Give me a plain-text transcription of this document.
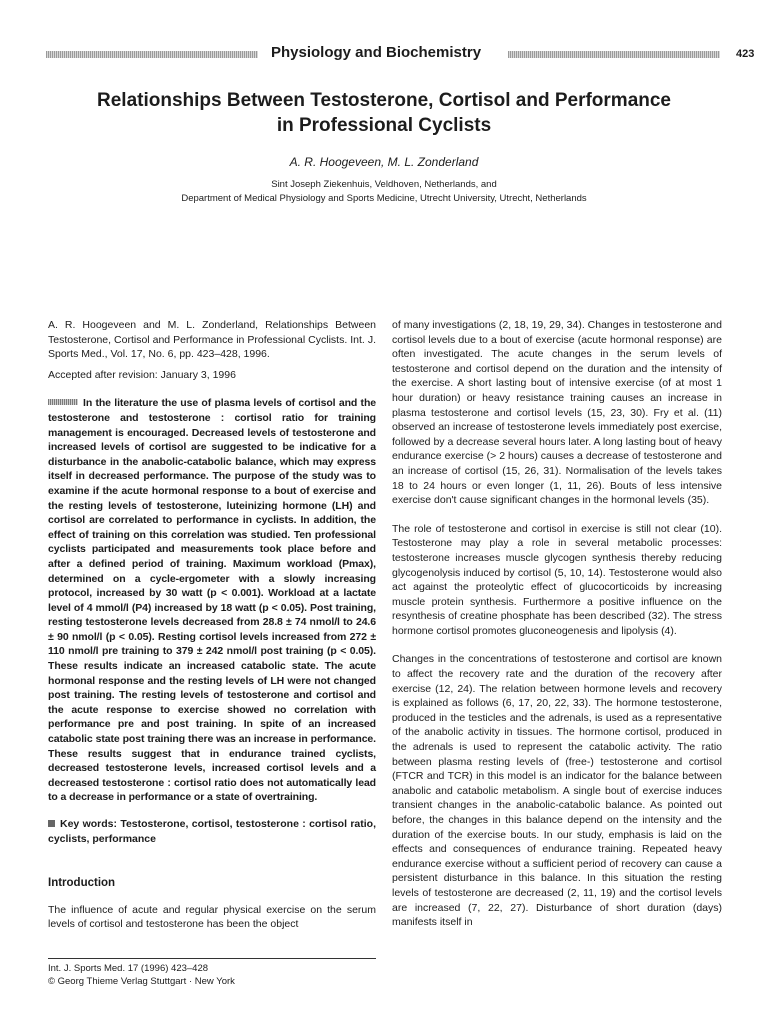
Physiology and Biochemistry	423
Relationships Between Testosterone, Cortisol and Performance
in Professional Cyclists
A. R. Hoogeveen, M. L. Zonderland
Sint Joseph Ziekenhuis, Veldhoven, Netherlands, and
Department of Medical Physiology and Sports Medicine, Utrecht University, Utrecht, Netherlands

A. R. Hoogeveen and M. L. Zonderland, Relationships Between Testosterone, Cortisol and Performance in Professional Cyclists. Int. J. Sports Med., Vol. 17, No. 6, pp. 423–428, 1996.

Accepted after revision: January 3, 1996

In the literature the use of plasma levels of cortisol and the testosterone and testosterone : cortisol ratio for training management is encouraged. Decreased levels of testosterone and increased levels of cortisol are suggested to be indicative for a disturbance in the anabolic-catabolic balance, which may express itself in decreased performance. The purpose of the study was to examine if the acute hormonal response to a bout of exercise and the resting levels of testosterone, luteinizing hormone (LH) and cortisol are correlated to performance in cyclists. In addition, the effect of training on this correlation was studied. Ten professional cyclists participated and measurements took place before and after a defined period of training. Maximum workload (Pmax), determined on a cycle-ergometer with a slowly increasing protocol, increased by 30 watt (p < 0.001). Workload at a lactate level of 4 mmol/l (P4) increased by 18 watt (p < 0.05). Post training, resting testosterone levels decreased from 28.8 ± 74 nmol/l to 24.6 ± 90 nmol/l (p < 0.05). Resting cortisol levels increased from 272 ± 110 nmol/l pre training to 379 ± 242 nmol/l post training (p < 0.05). These results indicate an increased catabolic state. The acute hormonal response and the resting levels of LH were not changed post training. The resting levels of testosterone and cortisol and the acute response to exercise showed no correlation with performance pre and post training. In spite of an increased catabolic state post training there was an increase in performance. These results suggest that in endurance trained cyclists, decreased testosterone levels, increased cortisol levels and a decreased testosterone : cortisol ratio does not automatically lead to a decrease in performance or a state of overtraining.

Key words: Testosterone, cortisol, testosterone : cortisol ratio, cyclists, performance

Introduction

The influence of acute and regular physical exercise on the serum levels of cortisol and testosterone has been the object

of many investigations (2, 18, 19, 29, 34). Changes in testosterone and cortisol levels due to a bout of exercise (acute hormonal response) are often investigated. The acute changes in the serum levels of testosterone and cortisol depend on the duration and the intensity of the exercise. A short lasting bout of intensive exercise (of at most 1 hour duration) or heavy resistance training causes an increase in plasma testosterone and cortisol levels (15, 23, 30). Fry et al. (11) observed an increase of testosterone levels immediately post exercise, followed by a decrease several hours later. A long lasting bout of heavy endurance exercise (> 2 hours) causes a decrease of testosterone and an increase of cortisol (15, 26, 31). Normalisation of the levels takes 18 to 24 hours or even longer (1, 11, 26). Bouts of less intensive exercise don't cause significant changes in the hormonal levels (35).

The role of testosterone and cortisol in exercise is still not clear (10). Testosterone may play a role in several metabolic processes: testosterone increases muscle glycogen synthesis thereby reducing glycogenolysis induced by cortisol (5, 10, 14). Testosterone would also act against the proteolytic effect of glucocorticoids by increasing muscle protein synthesis. Furthermore a positive influence on the resynthesis of creatine phosphate has been described (32). The stress hormone cortisol promotes gluconeogenesis and lipolysis (4).

Changes in the concentrations of testosterone and cortisol are known to affect the recovery rate and the duration of the recovery after exercise (12, 24). The relation between hormone levels and recovery is explained as follows (6, 17, 20, 22, 33). The hormone testosterone, produced in the testicles and the adrenals, is used as a representative of the anabolic activity in tissues. The hormone cortisol, produced in the adrenals is used to represent the catabolic activity. The ratio between plasma resting levels of (free-) testosterone and cortisol (FTCR and TCR) in this model is an indicator for the balance between anabolic and catabolic metabolism. A single bout of exercise induces transient changes in the anabolic-catabolic balance. As pointed out before, the changes in this balance depend on the intensity and the duration of the exercise bouts. In our study, emphasis is laid on the effects and consequences of endurance training. Repeated heavy endurance exercise without a sufficient period of recovery can cause a persistent disturbance in this balance. In this situation the resting levels of testosterone are decreased (2, 11, 19) and the cortisol levels are increased (7, 22, 27). Disturbance of short duration (days) manifests itself in

Int. J. Sports Med. 17 (1996) 423–428
© Georg Thieme Verlag Stuttgart · New York
